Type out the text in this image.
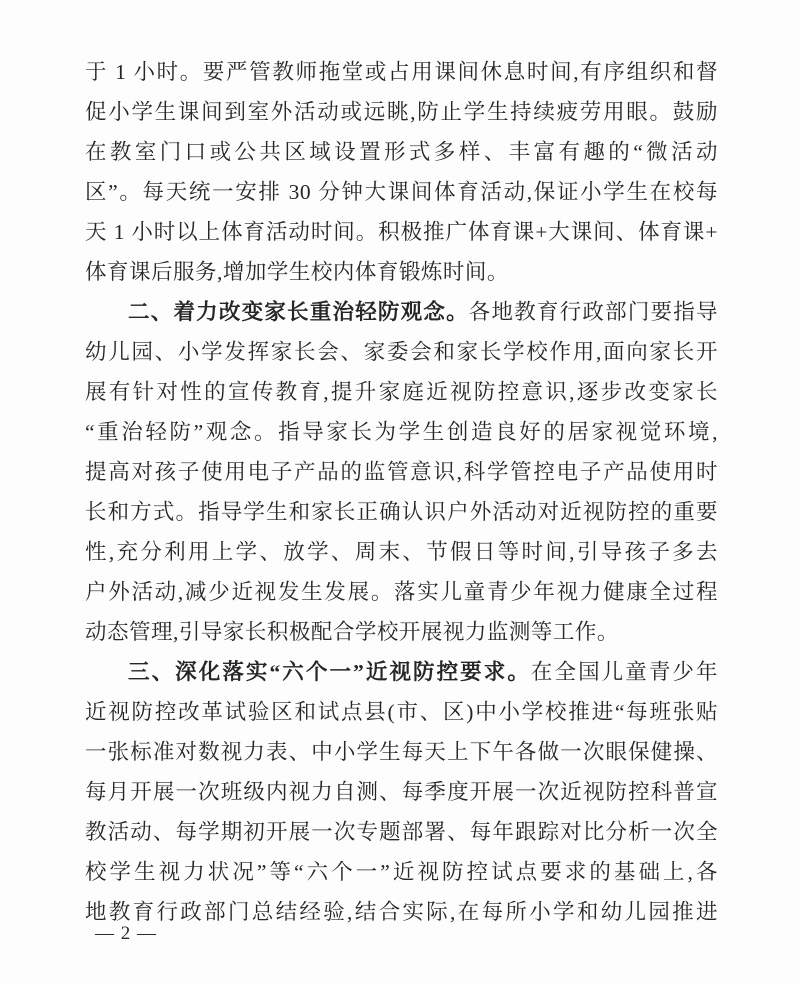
于 1 小时。要严管教师拖堂或占用课间休息时间,有序组织和督
促小学生课间到室外活动或远眺,防止学生持续疲劳用眼。鼓励
在教室门口或公共区域设置形式多样、丰富有趣的“微活动
区”。每天统一安排 30 分钟大课间体育活动,保证小学生在校每
天 1 小时以上体育活动时间。积极推广体育课+大课间、体育课+
体育课后服务,增加学生校内体育锻炼时间。
二、着力改变家长重治轻防观念。各地教育行政部门要指导
幼儿园、小学发挥家长会、家委会和家长学校作用,面向家长开
展有针对性的宣传教育,提升家庭近视防控意识,逐步改变家长
“重治轻防”观念。指导家长为学生创造良好的居家视觉环境,
提高对孩子使用电子产品的监管意识,科学管控电子产品使用时
长和方式。指导学生和家长正确认识户外活动对近视防控的重要
性,充分利用上学、放学、周末、节假日等时间,引导孩子多去
户外活动,减少近视发生发展。落实儿童青少年视力健康全过程
动态管理,引导家长积极配合学校开展视力监测等工作。
三、深化落实“六个一”近视防控要求。在全国儿童青少年
近视防控改革试验区和试点县(市、区)中小学校推进“每班张贴
一张标准对数视力表、中小学生每天上下午各做一次眼保健操、
每月开展一次班级内视力自测、每季度开展一次近视防控科普宣
教活动、每学期初开展一次专题部署、每年跟踪对比分析一次全
校学生视力状况”等“六个一”近视防控试点要求的基础上,各
地教育行政部门总结经验,结合实际,在每所小学和幼儿园推进
— 2 —
